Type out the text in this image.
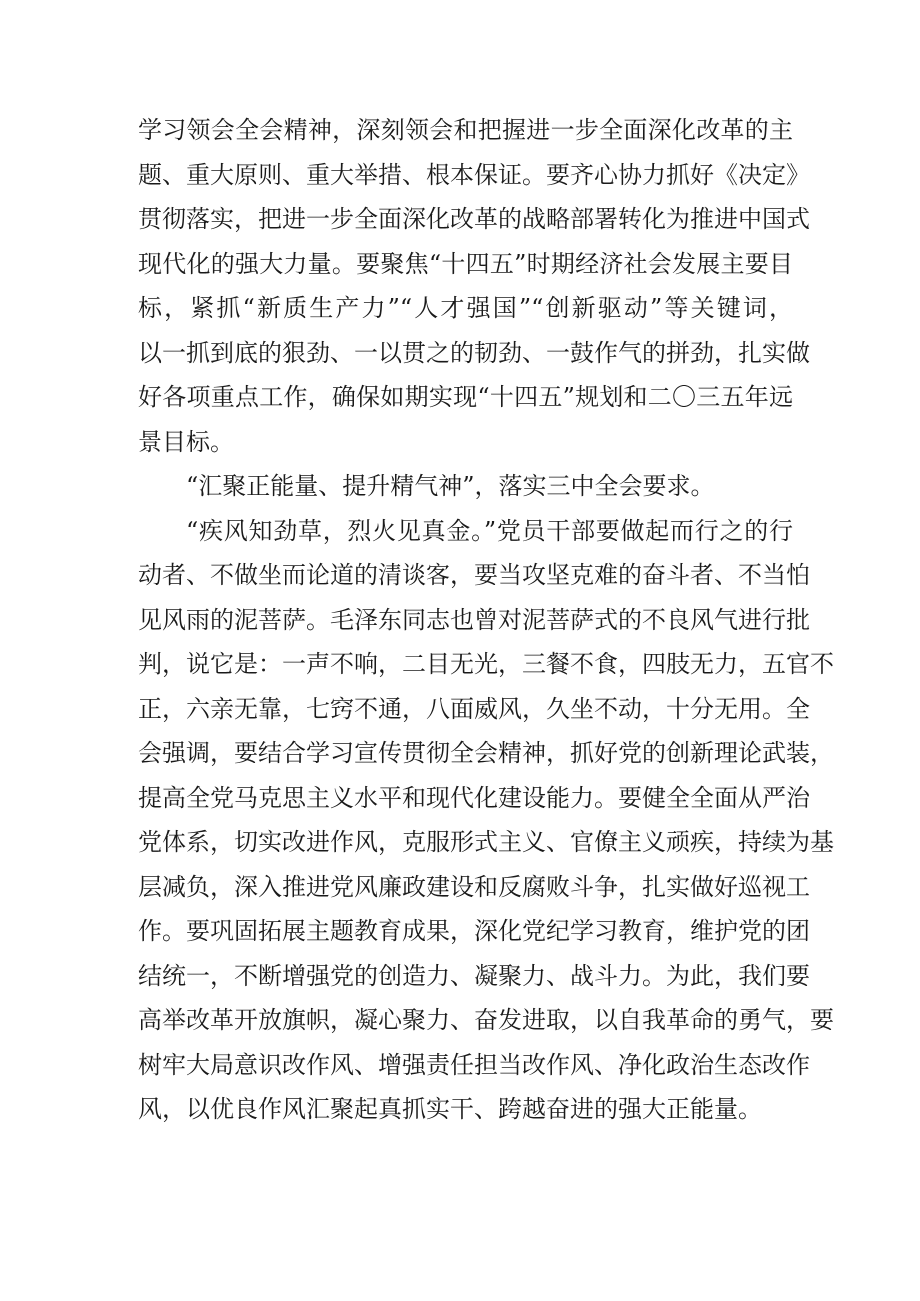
学习领会全会精神，深刻领会和把握进一步全面深化改革的主
题、重大原则、重大举措、根本保证。要齐心协力抓好《决定》
贯彻落实，把进一步全面深化改革的战略部署转化为推进中国式
现代化的强大力量。要聚焦“十四五”时期经济社会发展主要目
标，紧抓“新质生产力”“人才强国”“创新驱动”等关键词，
以一抓到底的狠劲、一以贯之的韧劲、一鼓作气的拼劲，扎实做
好各项重点工作，确保如期实现“十四五”规划和二〇三五年远
景目标。
“汇聚正能量、提升精气神”，落实三中全会要求。
“疾风知劲草，烈火见真金。”党员干部要做起而行之的行
动者、不做坐而论道的清谈客，要当攻坚克难的奋斗者、不当怕
见风雨的泥菩萨。毛泽东同志也曾对泥菩萨式的不良风气进行批
判，说它是：一声不响，二目无光，三餐不食，四肢无力，五官不
正，六亲无靠，七窍不通，八面威风，久坐不动，十分无用。全
会强调，要结合学习宣传贯彻全会精神，抓好党的创新理论武装，
提高全党马克思主义水平和现代化建设能力。要健全全面从严治
党体系，切实改进作风，克服形式主义、官僚主义顽疾，持续为基
层减负，深入推进党风廉政建设和反腐败斗争，扎实做好巡视工
作。要巩固拓展主题教育成果，深化党纪学习教育，维护党的团
结统一，不断增强党的创造力、凝聚力、战斗力。为此，我们要
高举改革开放旗帜，凝心聚力、奋发进取，以自我革命的勇气，要
树牢大局意识改作风、增强责任担当改作风、净化政治生态改作
风，以优良作风汇聚起真抓实干、跨越奋进的强大正能量。
